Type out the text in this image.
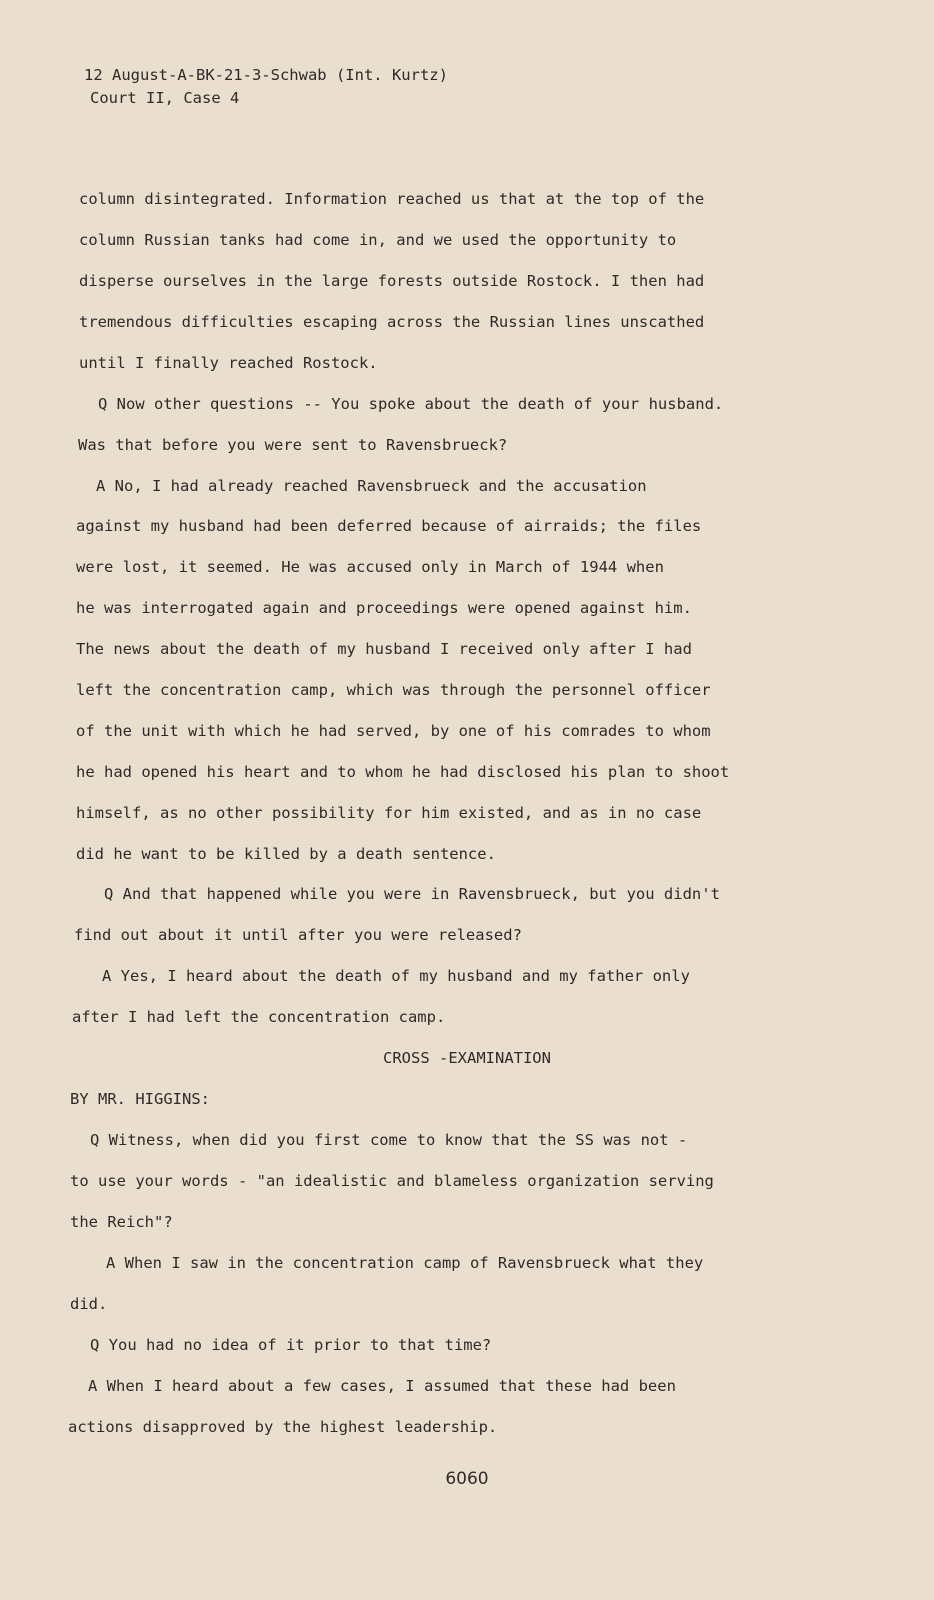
12 August-A-BK-21-3-Schwab (Int. Kurtz)
Court II, Case 4
column disintegrated. Information reached us that at the top of the
column Russian tanks had come in, and we used the opportunity to
disperse ourselves in the large forests outside Rostock. I then had
tremendous difficulties escaping across the Russian lines unscathed
until I finally reached Rostock.
Q Now other questions -- You spoke about the death of your husband.
Was that before you were sent to Ravensbrueck?
A No, I had already reached Ravensbrueck and the accusation
against my husband had been deferred because of airraids; the files
were lost, it seemed. He was accused only in March of 1944 when
he was interrogated again and proceedings were opened against him.
The news about the death of my husband I received only after I had
left the concentration camp, which was through the personnel officer
of the unit with which he had served, by one of his comrades to whom
he had opened his heart and to whom he had disclosed his plan to shoot
himself, as no other possibility for him existed, and as in no case
did he want to be killed by a death sentence.
Q And that happened while you were in Ravensbrueck, but you didn't
find out about it until after you were released?
A Yes, I heard about the death of my husband and my father only
after I had left the concentration camp.
CROSS -EXAMINATION
BY MR. HIGGINS:
Q Witness, when did you first come to know that the SS was not -
to use your words - "an idealistic and blameless organization serving
the Reich"?
A When I saw in the concentration camp of Ravensbrueck what they
did.
Q You had no idea of it prior to that time?
A When I heard about a few cases, I assumed that these had been
actions disapproved by the highest leadership.
6060
